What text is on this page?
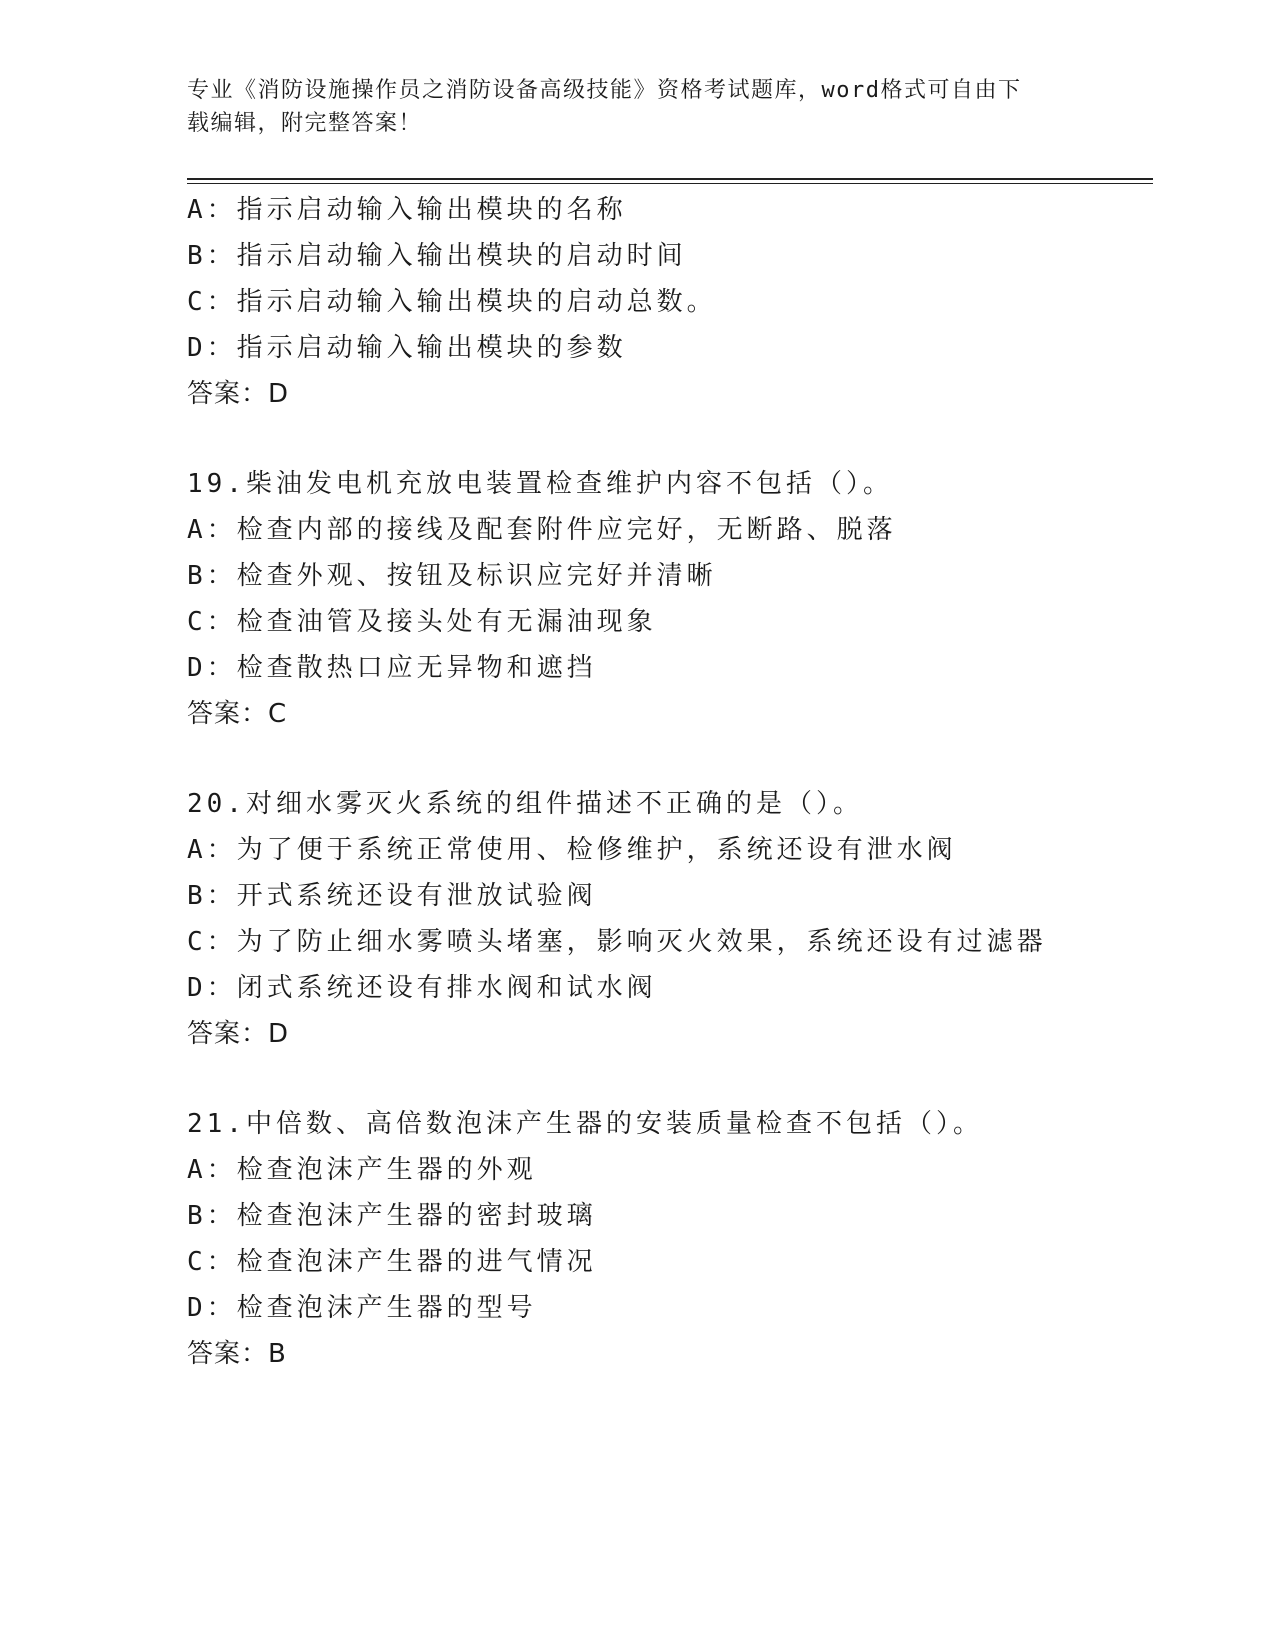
专业《消防设施操作员之消防设备高级技能》资格考试题库，word格式可自由下
载编辑，附完整答案！
A：指示启动输入输出模块的名称
B：指示启动输入输出模块的启动时间
C：指示启动输入输出模块的启动总数。
D：指示启动输入输出模块的参数
答案：D
19.柴油发电机充放电装置检查维护内容不包括（）。
A：检查内部的接线及配套附件应完好，无断路、脱落
B：检查外观、按钮及标识应完好并清晰
C：检查油管及接头处有无漏油现象
D：检查散热口应无异物和遮挡
答案：C
20.对细水雾灭火系统的组件描述不正确的是（）。
A：为了便于系统正常使用、检修维护，系统还设有泄水阀
B：开式系统还设有泄放试验阀
C：为了防止细水雾喷头堵塞，影响灭火效果，系统还设有过滤器
D：闭式系统还设有排水阀和试水阀
答案：D
21.中倍数、高倍数泡沫产生器的安装质量检查不包括（）。
A：检查泡沫产生器的外观
B：检查泡沫产生器的密封玻璃
C：检查泡沫产生器的进气情况
D：检查泡沫产生器的型号
答案：B
